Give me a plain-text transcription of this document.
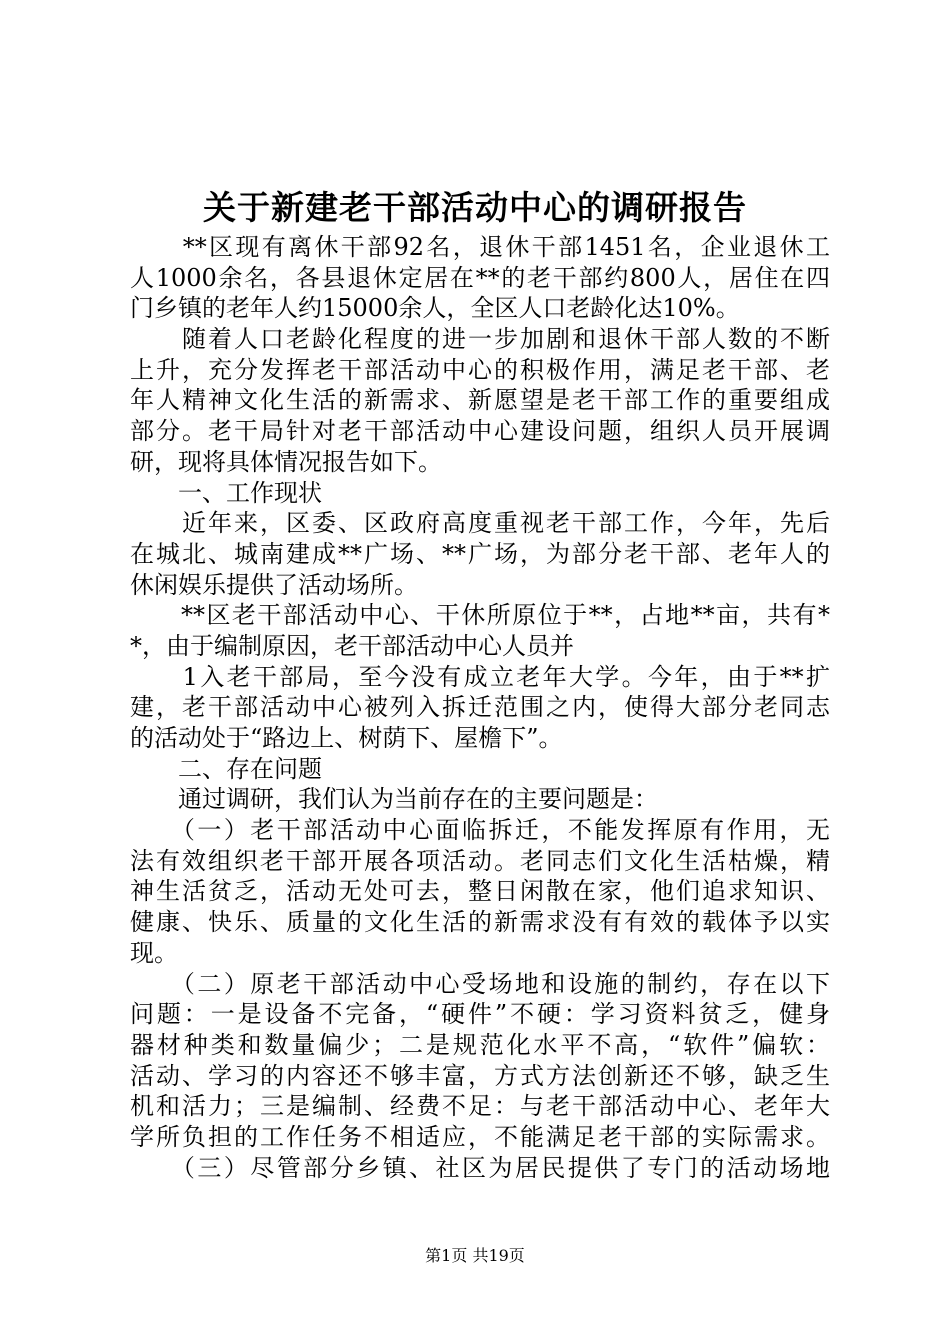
关于新建老干部活动中心的调研报告
　　**区现有离休干部92名，退休干部1451名，企业退休工
人1000余名，各县退休定居在**的老干部约800人，居住在四
门乡镇的老年人约15000余人，全区人口老龄化达10%。
　　随着人口老龄化程度的进一步加剧和退休干部人数的不断
上升，充分发挥老干部活动中心的积极作用，满足老干部、老
年人精神文化生活的新需求、新愿望是老干部工作的重要组成
部分。老干局针对老干部活动中心建设问题，组织人员开展调
研，现将具体情况报告如下。
　　一、工作现状
　　近年来，区委、区政府高度重视老干部工作，今年，先后
在城北、城南建成**广场、**广场，为部分老干部、老年人的
休闲娱乐提供了活动场所。
　　**区老干部活动中心、干休所原位于**，占地**亩，共有*
*，由于编制原因，老干部活动中心人员并
　　1入老干部局，至今没有成立老年大学。今年，由于**扩
建，老干部活动中心被列入拆迁范围之内，使得大部分老同志
的活动处于“路边上、树荫下、屋檐下”。
　　二、存在问题
　　通过调研，我们认为当前存在的主要问题是：
　　（一）老干部活动中心面临拆迁，不能发挥原有作用，无
法有效组织老干部开展各项活动。老同志们文化生活枯燥，精
神生活贫乏，活动无处可去，整日闲散在家，他们追求知识、
健康、快乐、质量的文化生活的新需求没有有效的载体予以实
现。
　　（二）原老干部活动中心受场地和设施的制约，存在以下
问题：一是设备不完备，“硬件”不硬：学习资料贫乏，健身
器材种类和数量偏少；二是规范化水平不高，“软件”偏软：
活动、学习的内容还不够丰富，方式方法创新还不够，缺乏生
机和活力；三是编制、经费不足：与老干部活动中心、老年大
学所负担的工作任务不相适应，不能满足老干部的实际需求。
　　（三）尽管部分乡镇、社区为居民提供了专门的活动场地
第1页 共19页
